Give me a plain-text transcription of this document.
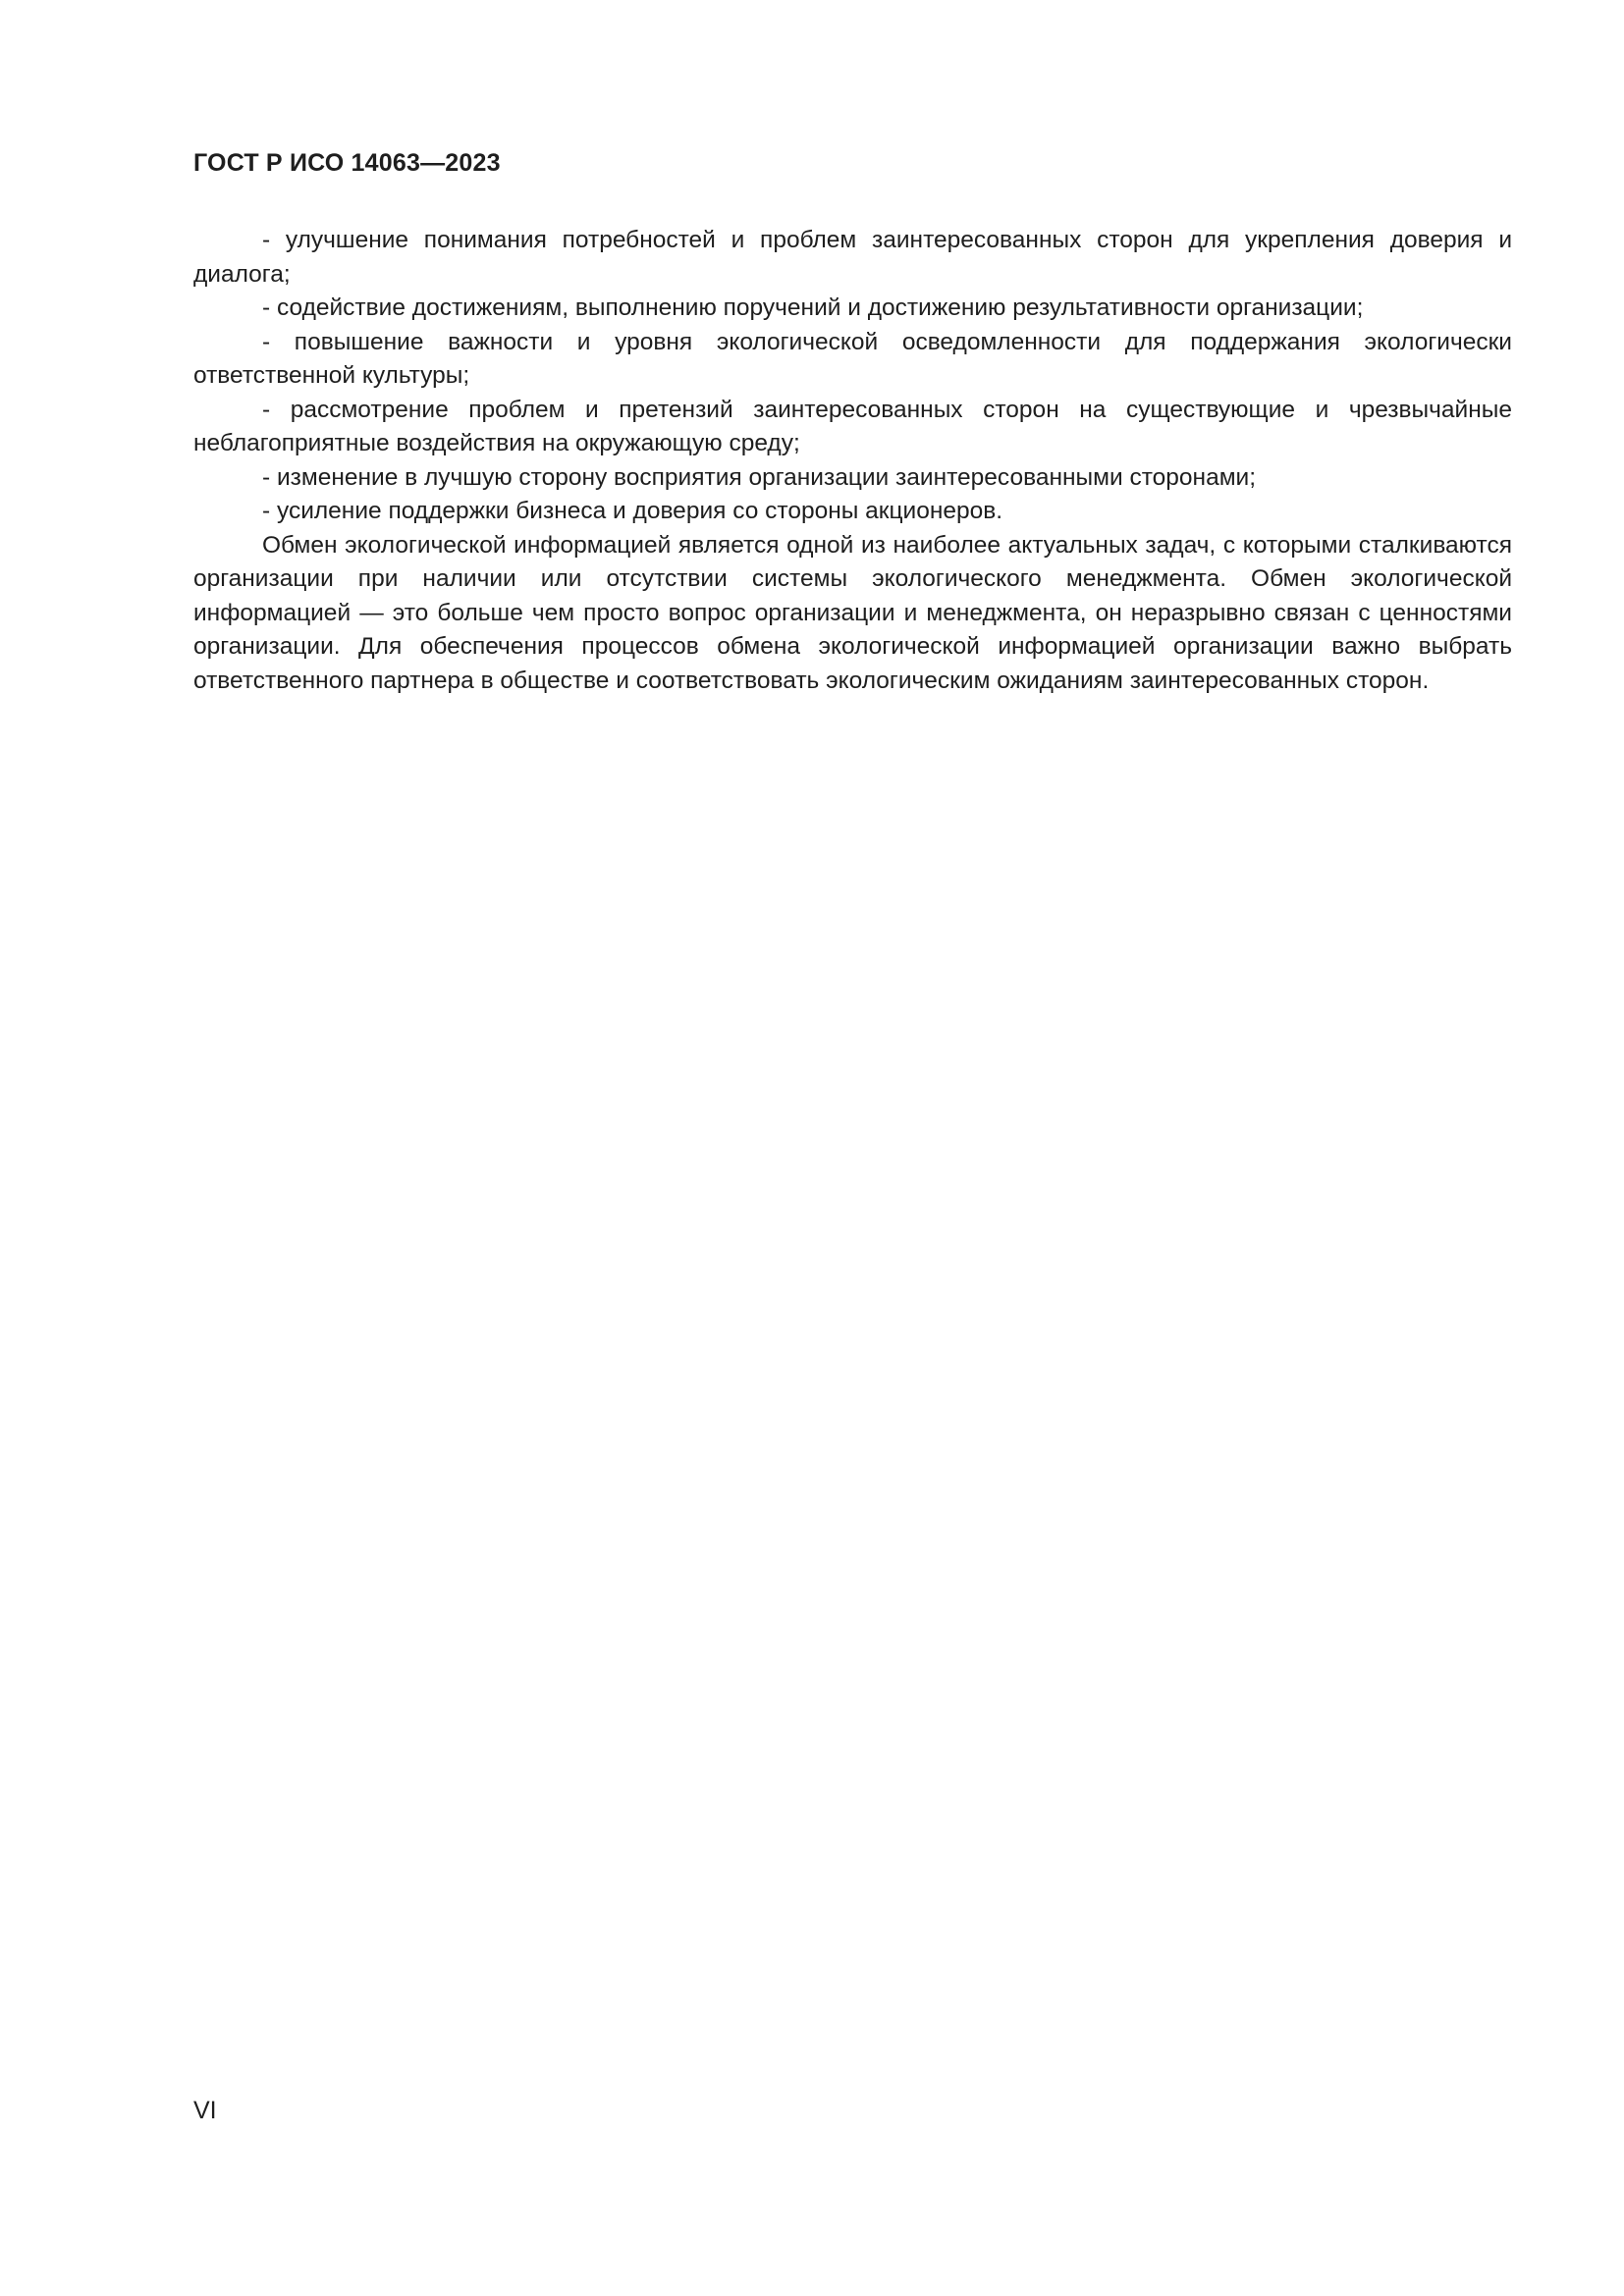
ГОСТ Р ИСО 14063—2023

- улучшение понимания потребностей и проблем заинтересованных сторон для укрепления доверия и диалога;

- содействие достижениям, выполнению поручений и достижению результативности организации;

- повышение важности и уровня экологической осведомленности для поддержания экологически ответственной культуры;

- рассмотрение проблем и претензий заинтересованных сторон на существующие и чрезвычайные неблагоприятные воздействия на окружающую среду;

- изменение в лучшую сторону восприятия организации заинтересованными сторонами;

- усиление поддержки бизнеса и доверия со стороны акционеров.

Обмен экологической информацией является одной из наиболее актуальных задач, с которыми сталкиваются организации при наличии или отсутствии системы экологического менеджмента. Обмен экологической информацией — это больше чем просто вопрос организации и менеджмента, он неразрывно связан с ценностями организации. Для обеспечения процессов обмена экологической информацией организации важно выбрать ответственного партнера в обществе и соответствовать экологическим ожиданиям заинтересованных сторон.

VI
